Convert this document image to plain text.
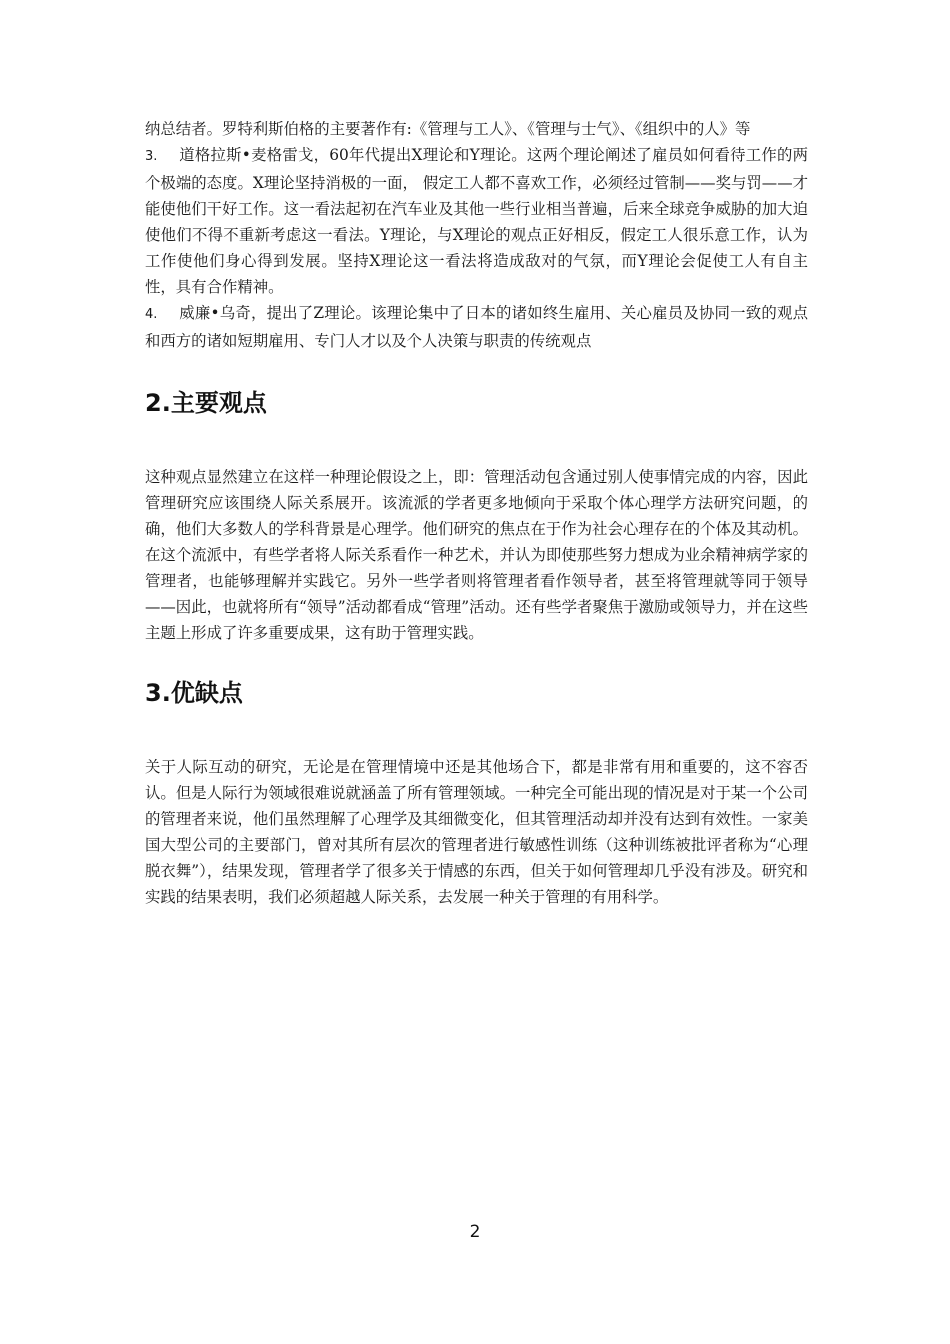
纳总结者。罗特利斯伯格的主要著作有:《管理与工人》、《管理与士气》、《组织中的人》等

3. 道格拉斯•麦格雷戈，60年代提出X理论和Y理论。这两个理论阐述了雇员如何看待工作的两个极端的态度。X理论坚持消极的一面， 假定工人都不喜欢工作，必须经过管制——奖与罚——才能使他们干好工作。这一看法起初在汽车业及其他一些行业相当普遍，后来全球竞争威胁的加大迫使他们不得不重新考虑这一看法。Y理论，与X理论的观点正好相反，假定工人很乐意工作，认为工作使他们身心得到发展。坚持X理论这一看法将造成敌对的气氛，而Y理论会促使工人有自主性，具有合作精神。

4. 威廉•乌奇，提出了Z理论。该理论集中了日本的诸如终生雇用、关心雇员及协同一致的观点和西方的诸如短期雇用、专门人才以及个人决策与职责的传统观点

2.主要观点

这种观点显然建立在这样一种理论假设之上，即：管理活动包含通过别人使事情完成的内容，因此管理研究应该围绕人际关系展开。该流派的学者更多地倾向于采取个体心理学方法研究问题，的确，他们大多数人的学科背景是心理学。他们研究的焦点在于作为社会心理存在的个体及其动机。在这个流派中，有些学者将人际关系看作一种艺术，并认为即使那些努力想成为业余精神病学家的管理者，也能够理解并实践它。另外一些学者则将管理者看作领导者，甚至将管理就等同于领导——因此，也就将所有“领导”活动都看成“管理”活动。还有些学者聚焦于激励或领导力，并在这些主题上形成了许多重要成果，这有助于管理实践。

3.优缺点

关于人际互动的研究，无论是在管理情境中还是其他场合下，都是非常有用和重要的，这不容否认。但是人际行为领域很难说就涵盖了所有管理领域。一种完全可能出现的情况是对于某一个公司的管理者来说，他们虽然理解了心理学及其细微变化，但其管理活动却并没有达到有效性。一家美国大型公司的主要部门，曾对其所有层次的管理者进行敏感性训练（这种训练被批评者称为“心理脱衣舞”），结果发现，管理者学了很多关于情感的东西，但关于如何管理却几乎没有涉及。研究和实践的结果表明，我们必须超越人际关系，去发展一种关于管理的有用科学。

2
